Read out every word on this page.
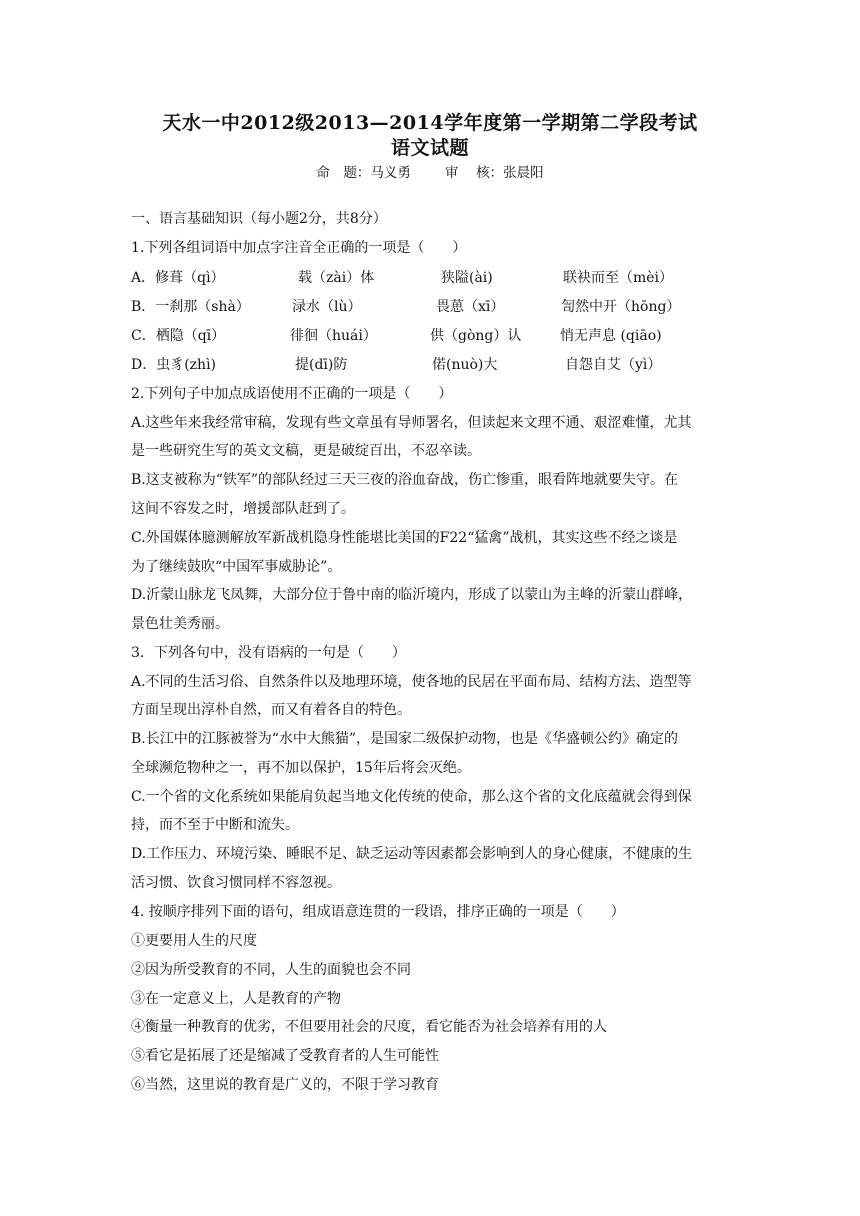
天水一中2012级2013—2014学年度第一学期第二学段考试
语文试题
命　题：马义勇	审　 核：张晨阳
一、语言基础知识（每小题2分，共8分）
1.下列各组词语中加点字注音全正确的一项是（　　）
A．修葺（qì）	载（zài）体	狭隘(ài)	联袂而至（mèi）
B．一刹那（shà）	渌水（lù）	畏葸（xī）	訇然中开（hōng）
C．栖隐（qī）	徘徊（huái）	供（gòng）认	悄无声息 (qiāo)
D．虫豸(zhì)	提(dī)防	偌(nuò)大	自怨自艾（yì）
2.下列句子中加点成语使用不正确的一项是（　　）
A.这些年来我经常审稿，发现有些文章虽有导师署名，但读起来文理不通、艰涩难懂，尤其
是一些研究生写的英文文稿，更是破绽百出，不忍卒读。
B.这支被称为“铁军”的部队经过三天三夜的浴血奋战，伤亡惨重，眼看阵地就要失守。在
这间不容发之时，增援部队赶到了。
C.外国媒体臆测解放军新战机隐身性能堪比美国的F22“猛禽”战机，其实这些不经之谈是
为了继续鼓吹“中国军事威胁论”。
D.沂蒙山脉龙飞凤舞，大部分位于鲁中南的临沂境内，形成了以蒙山为主峰的沂蒙山群峰，
景色壮美秀丽。
3．下列各句中，没有语病的一句是（　　）
A.不同的生活习俗、自然条件以及地理环境，使各地的民居在平面布局、结构方法、造型等
方面呈现出淳朴自然，而又有着各自的特色。
B.长江中的江豚被誉为“水中大熊猫”，是国家二级保护动物，也是《华盛顿公约》确定的
全球濒危物种之一，再不加以保护，15年后将会灭绝。
C.一个省的文化系统如果能肩负起当地文化传统的使命，那么这个省的文化底蕴就会得到保
持，而不至于中断和流失。
D.工作压力、环境污染、睡眠不足、缺乏运动等因素都会影响到人的身心健康，不健康的生
活习惯、饮食习惯同样不容忽视。
4. 按顺序排列下面的语句，组成语意连贯的一段语，排序正确的一项是（　　）
①更要用人生的尺度
②因为所受教育的不同，人生的面貌也会不同
③在一定意义上，人是教育的产物
④衡量一种教育的优劣，不但要用社会的尺度，看它能否为社会培养有用的人
⑤看它是拓展了还是缩减了受教育者的人生可能性
⑥当然，这里说的教育是广义的，不限于学习教育
